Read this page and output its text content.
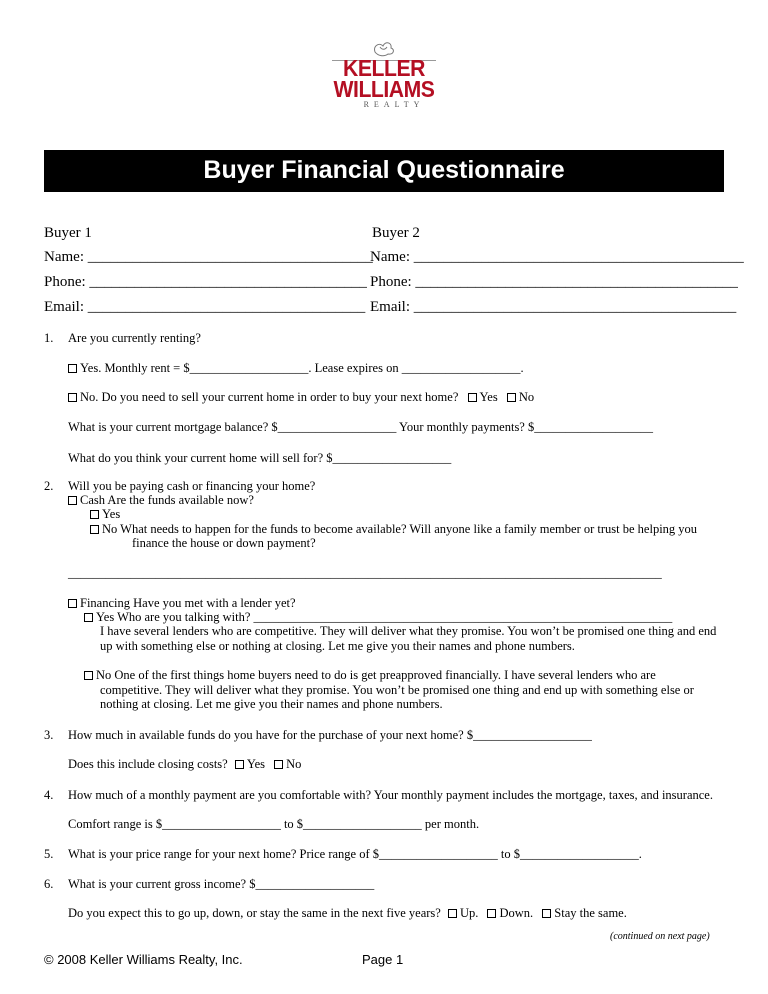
KELLER
WILLIAMS
REALTY
Buyer Financial Questionnaire
Buyer 1	Buyer 2
Name: ______________________________________
Name: ____________________________________________
Phone: _____________________________________ Phone: ___________________________________________
Email: _____________________________________ Email: ___________________________________________
1. Are you currently renting?
Yes. Monthly rent = $___________________. Lease expires on ___________________.
No. Do you need to sell your current home in order to buy your next home? Yes No
What is your current mortgage balance? $___________________ Your monthly payments? $___________________
What do you think your current home will sell for? $___________________
2. Will you be paying cash or financing your home?
Cash Are the funds available now?
Yes
No What needs to happen for the funds to become available? Will anyone like a family member or trust be helping you
finance the house or down payment?
_______________________________________________________________________________________________
Financing Have you met with a lender yet?
Yes Who are you talking with? ___________________________________________________________________
I have several lenders who are competitive. They will deliver what they promise. You won’t be promised one thing and end
up with something else or nothing at closing. Let me give you their names and phone numbers.
No One of the first things home buyers need to do is get preapproved financially. I have several lenders who are
competitive. They will deliver what they promise. You won’t be promised one thing and end up with something else or
nothing at closing. Let me give you their names and phone numbers.
3. How much in available funds do you have for the purchase of your next home? $___________________
Does this include closing costs? Yes No
4. How much of a monthly payment are you comfortable with? Your monthly payment includes the mortgage, taxes, and insurance.
Comfort range is $___________________ to $___________________ per month.
5. What is your price range for your next home? Price range of $___________________ to $___________________.
6. What is your current gross income? $___________________
Do you expect this to go up, down, or stay the same in the next five years? Up. Down. Stay the same.
(continued on next page)
© 2008 Keller Williams Realty, Inc.	Page 1
